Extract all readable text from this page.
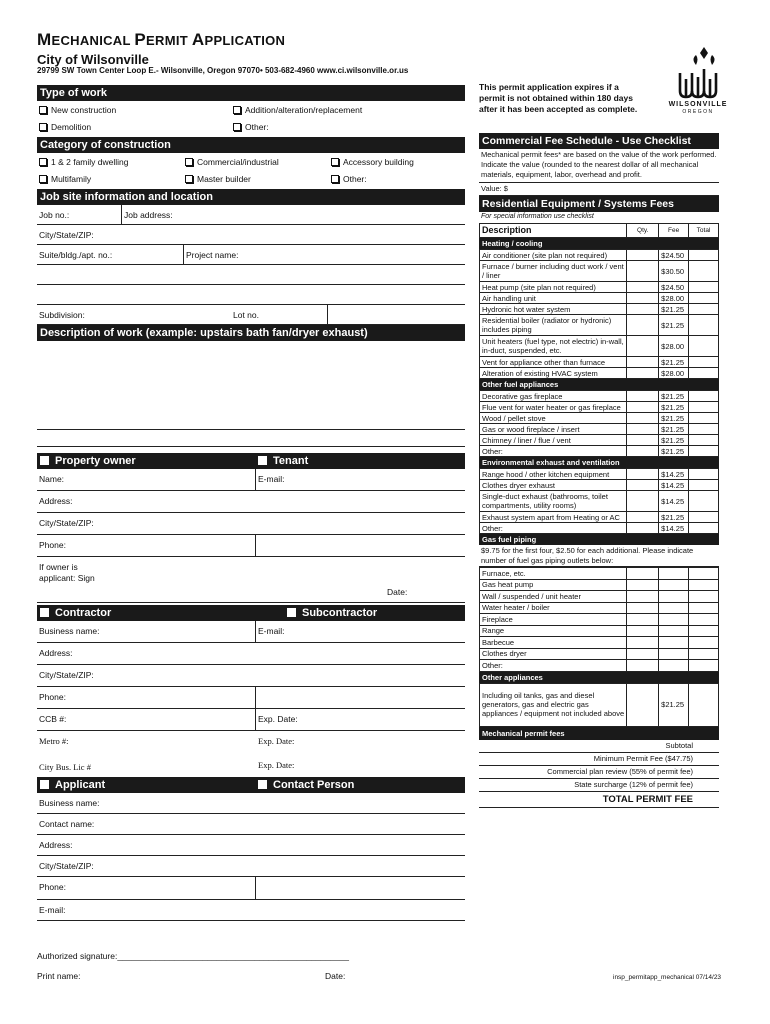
MECHANICAL PERMIT APPLICATION
City of Wilsonville
29799 SW Town Center Loop E.- Wilsonville, Oregon 97070• 503-682-4960 www.ci.wilsonville.or.us
This permit application expires if a permit is not obtained within 180 days after it has been accepted as complete.	WILSONVILLE
OREGON
Type of work
New construction	Addition/alteration/replacement
Demolition	Other:
Category of construction
1 & 2 family dwelling	Commercial/industrial	Accessory building
Multifamily	Master builder	Other:
Job site information and location
Job no.:	Job address:
City/State/ZIP:
Suite/bldg./apt. no.:	Project name:
Subdivision:	Lot no.
Description of work (example: upstairs bath fan/dryer exhaust)
Property owner	Tenant
Name:	E-mail:
Address:
City/State/ZIP:
Phone:
If owner is
applicant: Sign
Date:
Contractor	Subcontractor
Business name:	E-mail:
Address:
City/State/ZIP:
Phone:
CCB #:	Exp. Date:
Metro #:	Exp. Date:
City Bus. Lic #	Exp. Date:
Applicant	Contact Person
Business name:
Contact name:
Address:
City/State/ZIP:
Phone:
E-mail:
Authorized signature:_________________________________________________
Print name:	Date:
Commercial Fee Schedule - Use Checklist
Mechanical permit fees* are based on the value of the work performed. Indicate the value (rounded to the nearest dollar of all mechanical materials, equipment, labor, overhead and profit.
Value: $
Residential Equipment / Systems Fees
For special information use checklist
Description	Qty.	Fee	Total
Heating / cooling
Air conditioner (site plan not required)		$24.50	
Furnace / burner including duct work / vent / liner		$30.50	
Heat pump (site plan not required)		$24.50	
Air handling unit		$28.00	
Hydronic hot water system		$21.25	
Residential boiler (radiator or hydronic) includes piping		$21.25	
Unit heaters (fuel type, not electric) in-wall, in-duct, suspended, etc.		$28.00	
Vent for appliance other than furnace		$21.25	
Alteration of existing HVAC system		$28.00	
Other fuel appliances
Decorative gas fireplace		$21.25	
Flue vent for water heater or gas fireplace		$21.25	
Wood / pellet stove		$21.25	
Gas or wood fireplace / insert		$21.25	
Chimney / liner / flue / vent		$21.25	
Other:		$21.25	
Environmental exhaust and ventilation
Range hood / other kitchen equipment		$14.25	
Clothes dryer exhaust		$14.25	
Single-duct exhaust (bathrooms, toilet compartments, utility rooms)		$14.25	
Exhaust system apart from Heating or AC		$21.25	
Other:		$14.25	
Gas fuel piping
$9.75 for the first four, $2.50 for each additional. Please indicate number of fuel gas piping outlets below:
Furnace, etc.			
Gas heat pump			
Wall / suspended / unit heater			
Water heater / boiler			
Fireplace			
Range			
Barbecue			
Clothes dryer			
Other:			
Other appliances
Including oil tanks, gas and diesel generators, gas and electric gas appliances / equipment not included above		$21.25	
Mechanical permit fees
Subtotal
Minimum Permit Fee ($47.75)
Commercial plan review (55% of permit fee)
State surcharge (12% of permit fee)
TOTAL PERMIT FEE
insp_permitapp_mechanical 07/14/23
